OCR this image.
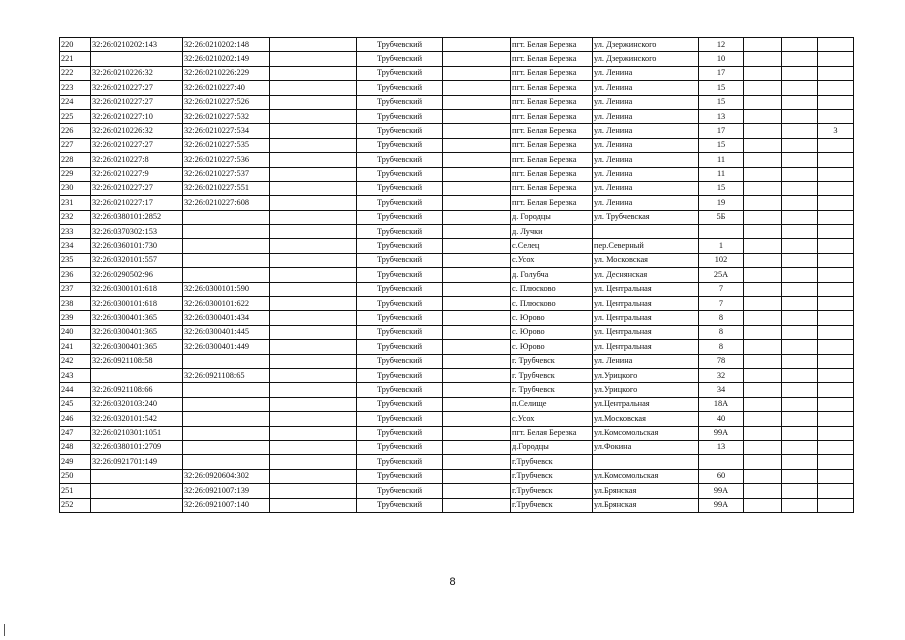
220	32:26:0210202:143	32:26:0210202:148		Трубчевский		пгт. Белая Березка	ул. Дзержинского	12			
221		32:26:0210202:149		Трубчевский		пгт. Белая Березка	ул. Дзержинского	10			
222	32:26:0210226:32	32:26:0210226:229		Трубчевский		пгт. Белая Березка	ул. Ленина	17			
223	32:26:0210227:27	32:26:0210227:40		Трубчевский		пгт. Белая Березка	ул. Ленина	15			
224	32:26:0210227:27	32:26:0210227:526		Трубчевский		пгт. Белая Березка	ул. Ленина	15			
225	32:26:0210227:10	32:26:0210227:532		Трубчевский		пгт. Белая Березка	ул. Ленина	13			
226	32:26:0210226:32	32:26:0210227:534		Трубчевский		пгт. Белая Березка	ул. Ленина	17			3
227	32:26:0210227:27	32:26:0210227:535		Трубчевский		пгт. Белая Березка	ул. Ленина	15			
228	32:26:0210227:8	32:26:0210227:536		Трубчевский		пгт. Белая Березка	ул. Ленина	11			
229	32:26:0210227:9	32:26:0210227:537		Трубчевский		пгт. Белая Березка	ул. Ленина	11			
230	32:26:0210227:27	32:26:0210227:551		Трубчевский		пгт. Белая Березка	ул. Ленина	15			
231	32:26:0210227:17	32:26:0210227:608		Трубчевский		пгт. Белая Березка	ул. Ленина	19			
232	32:26:0380101:2852			Трубчевский		д. Городцы	ул. Трубчевская	5Б			
233	32:26:0370302:153			Трубчевский		д. Лучки					
234	32:26:0360101:730			Трубчевский		с.Селец	пер.Северный	1			
235	32:26:0320101:557			Трубчевский		с.Усох	ул. Московская	102			
236	32:26:0290502:96			Трубчевский		д. Голубча	ул. Деснянская	25А			
237	32:26:0300101:618	32:26:0300101:590		Трубчевский		с. Плюсково	ул. Центральная	7			
238	32:26:0300101:618	32:26:0300101:622		Трубчевский		с. Плюсково	ул. Центральная	7			
239	32:26:0300401:365	32:26:0300401:434		Трубчевский		с. Юрово	ул. Центральная	8			
240	32:26:0300401:365	32:26:0300401:445		Трубчевский		с. Юрово	ул. Центральная	8			
241	32:26:0300401:365	32:26:0300401:449		Трубчевский		с. Юрово	ул. Центральная	8			
242	32:26:0921108:58			Трубчевский		г. Трубчевск	ул. Ленина	78			
243		32:26:0921108:65		Трубчевский		г. Трубчевск	ул.Урицкого	32			
244	32:26:0921108:66			Трубчевский		г. Трубчевск	ул.Урицкого	34			
245	32:26:0320103:240			Трубчевский		п.Селище	ул.Центральная	18А			
246	32:26:0320101:542			Трубчевский		с.Усох	ул.Московская	40			
247	32:26:0210301:1051			Трубчевский		пгт. Белая Березка	ул.Комсомольская	99А			
248	32:26:0380101:2709			Трубчевский		д.Городцы	ул.Фокина	13			
249	32:26:0921701:149			Трубчевский		г.Трубчевск					
250		32:26:0920604:302		Трубчевский		г.Трубчевск	ул.Комсомольская	60			
251		32:26:0921007:139		Трубчевский		г.Трубчевск	ул.Брянская	99А			
252		32:26:0921007:140		Трубчевский		г.Трубчевск	ул.Брянская	99А			
8
